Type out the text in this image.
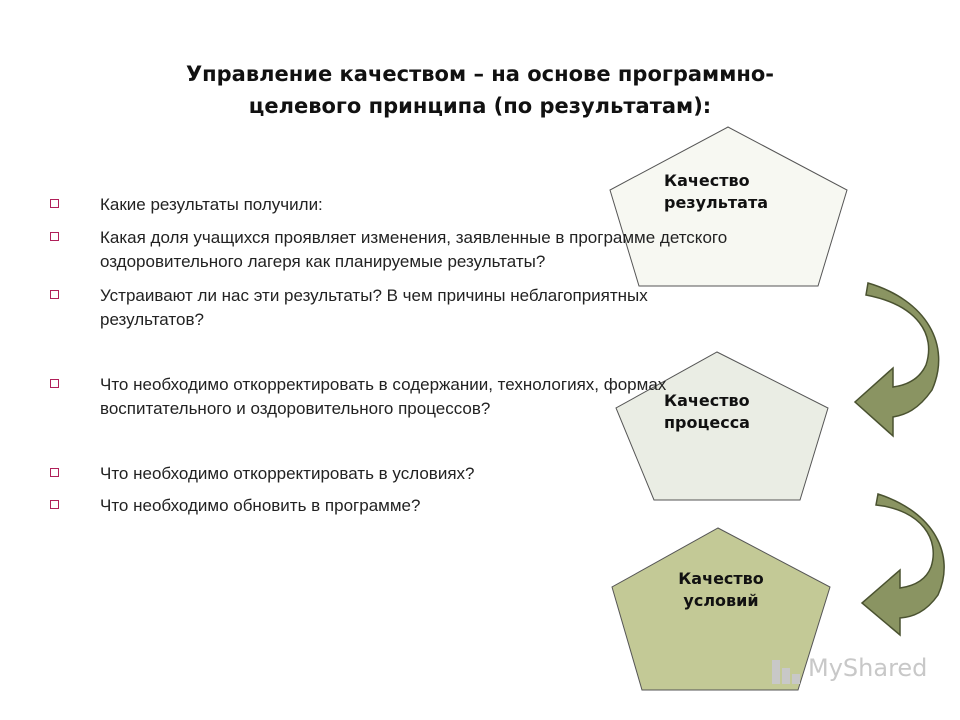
Управление качеством – на основе программно-
целевого принципа (по результатам):
Качество
результата
Качество
процесса
Качество
условий
Какие результаты получили:
Какая доля учащихся проявляет изменения, заявленные в программе детского
оздоровительного лагеря как планируемые результаты?
Устраивают ли нас эти результаты? В чем причины неблагоприятных
результатов?
Что необходимо откорректировать в содержании, технологиях, формах
воспитательного и оздоровительного процессов?
Что необходимо откорректировать в условиях?
Что необходимо обновить в программе?
MyShared
